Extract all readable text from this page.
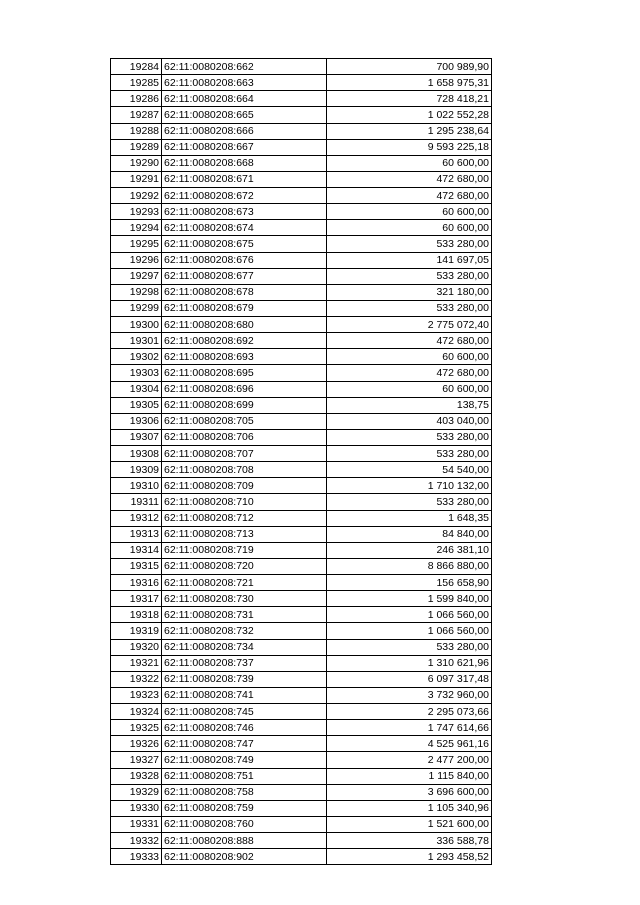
19284	62:11:0080208:662	700 989,90
19285	62:11:0080208:663	1 658 975,31
19286	62:11:0080208:664	728 418,21
19287	62:11:0080208:665	1 022 552,28
19288	62:11:0080208:666	1 295 238,64
19289	62:11:0080208:667	9 593 225,18
19290	62:11:0080208:668	60 600,00
19291	62:11:0080208:671	472 680,00
19292	62:11:0080208:672	472 680,00
19293	62:11:0080208:673	60 600,00
19294	62:11:0080208:674	60 600,00
19295	62:11:0080208:675	533 280,00
19296	62:11:0080208:676	141 697,05
19297	62:11:0080208:677	533 280,00
19298	62:11:0080208:678	321 180,00
19299	62:11:0080208:679	533 280,00
19300	62:11:0080208:680	2 775 072,40
19301	62:11:0080208:692	472 680,00
19302	62:11:0080208:693	60 600,00
19303	62:11:0080208:695	472 680,00
19304	62:11:0080208:696	60 600,00
19305	62:11:0080208:699	138,75
19306	62:11:0080208:705	403 040,00
19307	62:11:0080208:706	533 280,00
19308	62:11:0080208:707	533 280,00
19309	62:11:0080208:708	54 540,00
19310	62:11:0080208:709	1 710 132,00
19311	62:11:0080208:710	533 280,00
19312	62:11:0080208:712	1 648,35
19313	62:11:0080208:713	84 840,00
19314	62:11:0080208:719	246 381,10
19315	62:11:0080208:720	8 866 880,00
19316	62:11:0080208:721	156 658,90
19317	62:11:0080208:730	1 599 840,00
19318	62:11:0080208:731	1 066 560,00
19319	62:11:0080208:732	1 066 560,00
19320	62:11:0080208:734	533 280,00
19321	62:11:0080208:737	1 310 621,96
19322	62:11:0080208:739	6 097 317,48
19323	62:11:0080208:741	3 732 960,00
19324	62:11:0080208:745	2 295 073,66
19325	62:11:0080208:746	1 747 614,66
19326	62:11:0080208:747	4 525 961,16
19327	62:11:0080208:749	2 477 200,00
19328	62:11:0080208:751	1 115 840,00
19329	62:11:0080208:758	3 696 600,00
19330	62:11:0080208:759	1 105 340,96
19331	62:11:0080208:760	1 521 600,00
19332	62:11:0080208:888	336 588,78
19333	62:11:0080208:902	1 293 458,52
